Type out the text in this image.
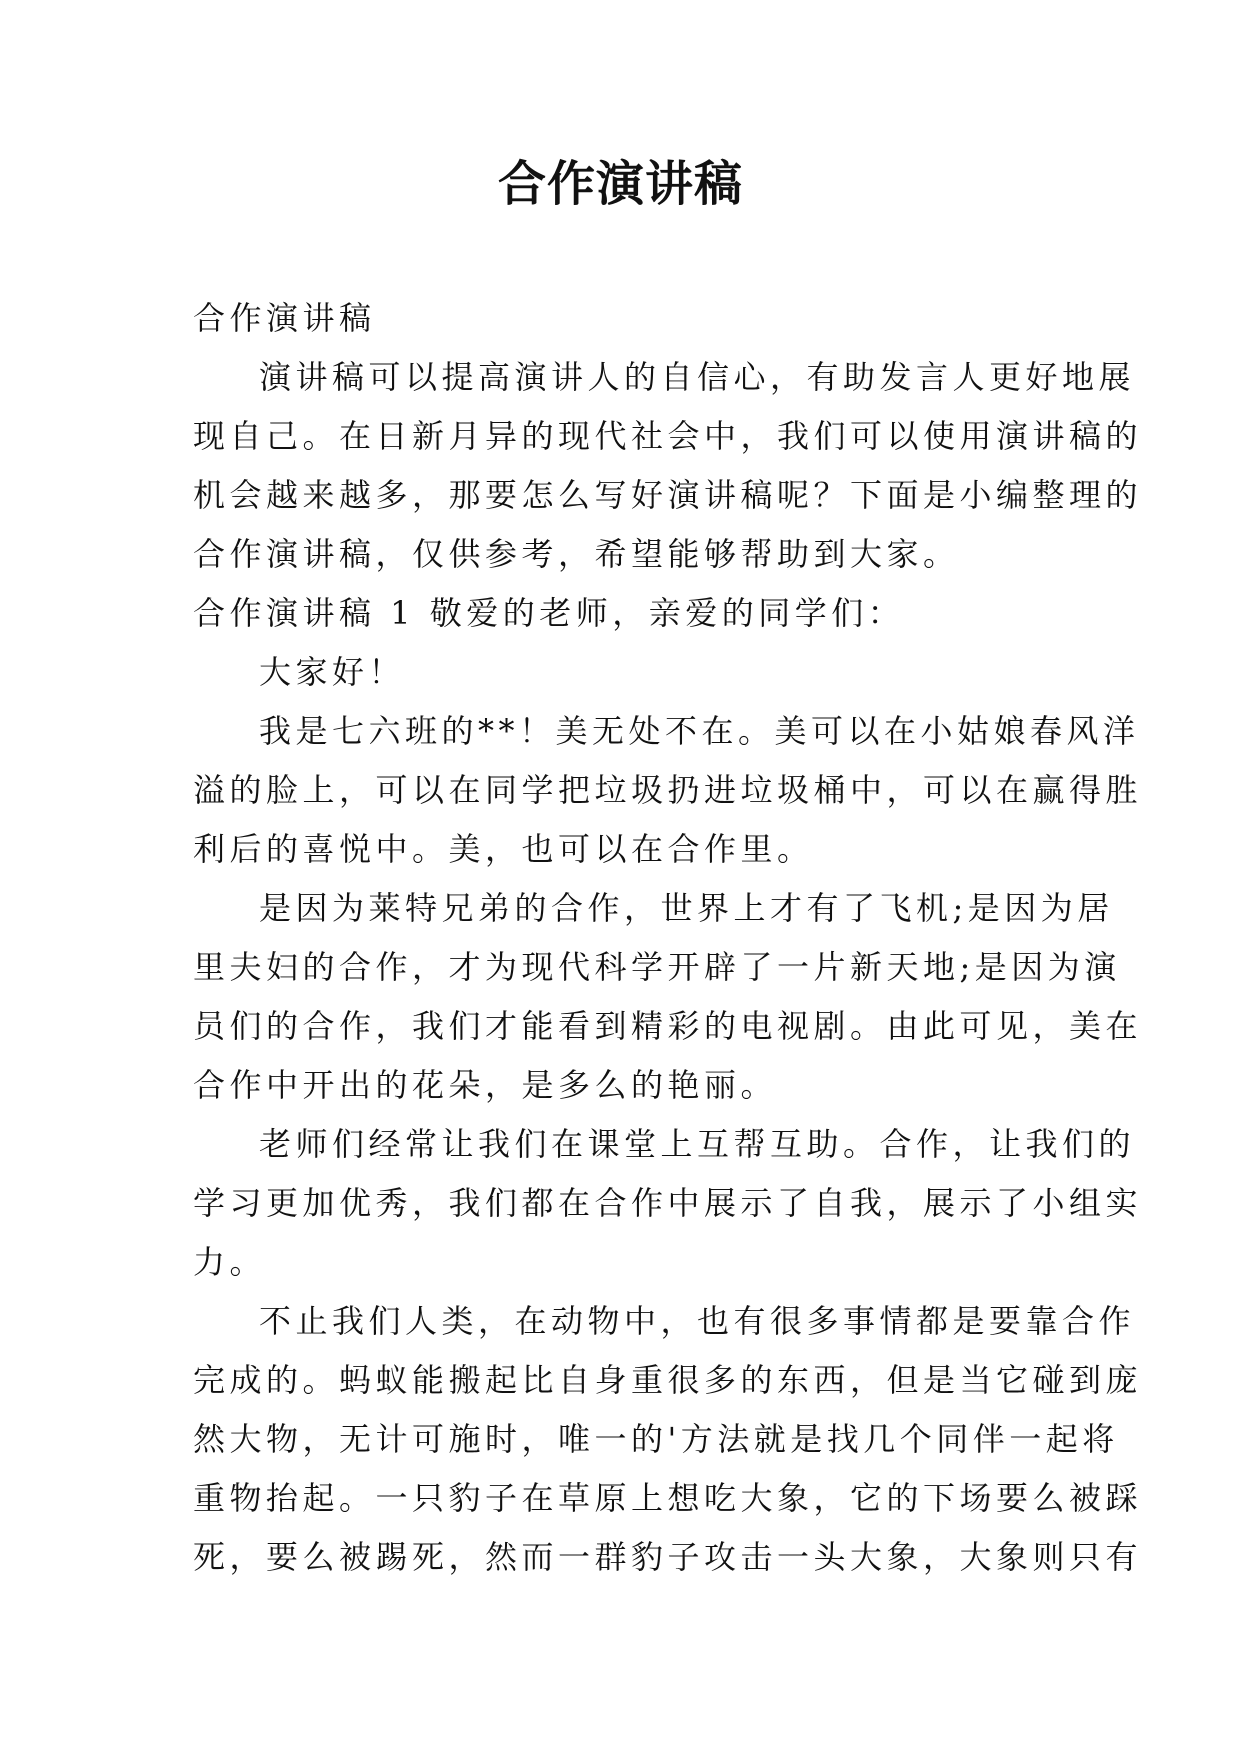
合作演讲稿
合作演讲稿
演讲稿可以提高演讲人的自信心，有助发言人更好地展
现自己。在日新月异的现代社会中，我们可以使用演讲稿的
机会越来越多，那要怎么写好演讲稿呢？下面是小编整理的
合作演讲稿，仅供参考，希望能够帮助到大家。
合作演讲稿 1 敬爱的老师，亲爱的同学们：
大家好！
我是七六班的**！美无处不在。美可以在小姑娘春风洋
溢的脸上，可以在同学把垃圾扔进垃圾桶中，可以在赢得胜
利后的喜悦中。美，也可以在合作里。
是因为莱特兄弟的合作，世界上才有了飞机;是因为居
里夫妇的合作，才为现代科学开辟了一片新天地;是因为演
员们的合作，我们才能看到精彩的电视剧。由此可见，美在
合作中开出的花朵，是多么的艳丽。
老师们经常让我们在课堂上互帮互助。合作，让我们的
学习更加优秀，我们都在合作中展示了自我，展示了小组实
力。
不止我们人类，在动物中，也有很多事情都是要靠合作
完成的。蚂蚁能搬起比自身重很多的东西，但是当它碰到庞
然大物，无计可施时，唯一的'方法就是找几个同伴一起将
重物抬起。一只豹子在草原上想吃大象，它的下场要么被踩
死，要么被踢死，然而一群豹子攻击一头大象，大象则只有
